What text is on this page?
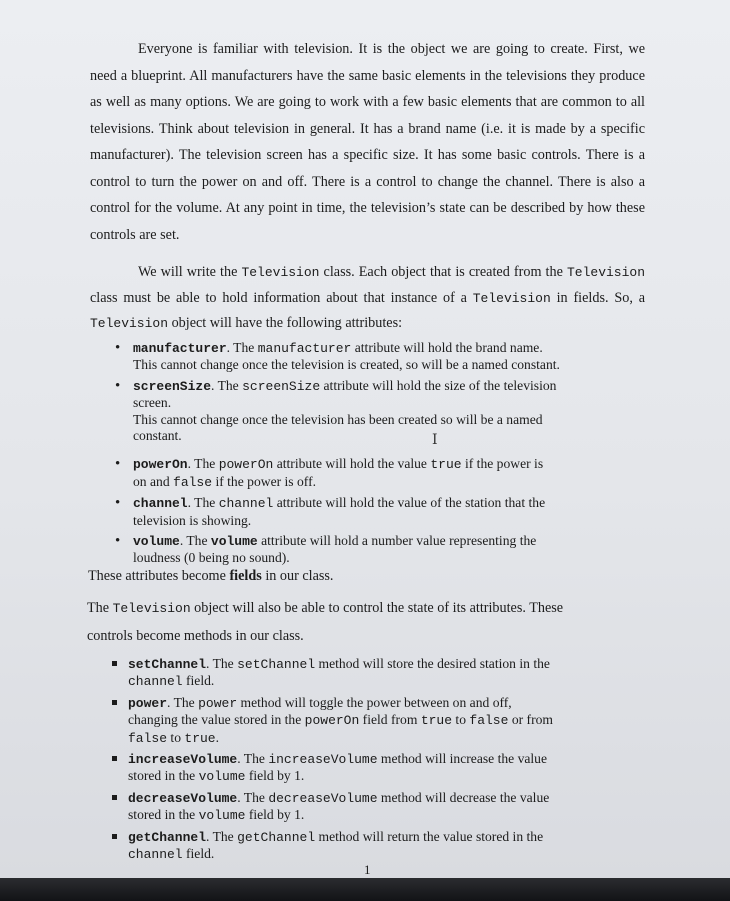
Everyone is familiar with television. It is the object we are going to create. First, we need a blueprint. All manufacturers have the same basic elements in the televisions they produce as well as many options. We are going to work with a few basic elements that are common to all televisions. Think about television in general. It has a brand name (i.e. it is made by a specific manufacturer). The television screen has a specific size. It has some basic controls. There is a control to turn the power on and off. There is a control to change the channel. There is also a control for the volume. At any point in time, the television’s state can be described by how these controls are set.
We will write the Television class. Each object that is created from the Television class must be able to hold information about that instance of a Television in fields. So, a Television object will have the following attributes:
• manufacturer. The manufacturer attribute will hold the brand name.
This cannot change once the television is created, so will be a named constant.
• screenSize. The screenSize attribute will hold the size of the television
screen.
This cannot change once the television has been created so will be a named
constant.
• powerOn. The powerOn attribute will hold the value true if the power is
on and false if the power is off.
• channel. The channel attribute will hold the value of the station that the
television is showing.
• volume. The volume attribute will hold a number value representing the
loudness (0 being no sound).
Ⅰ
These attributes become fields in our class.
The Television object will also be able to control the state of its attributes. These
controls become methods in our class.
setChannel. The setChannel method will store the desired station in the
channel field.
power. The power method will toggle the power between on and off,
changing the value stored in the powerOn field from true to false or from
false to true.
increaseVolume. The increaseVolume method will increase the value
stored in the volume field by 1.
decreaseVolume. The decreaseVolume method will decrease the value
stored in the volume field by 1.
getChannel. The getChannel method will return the value stored in the
channel field.
1
